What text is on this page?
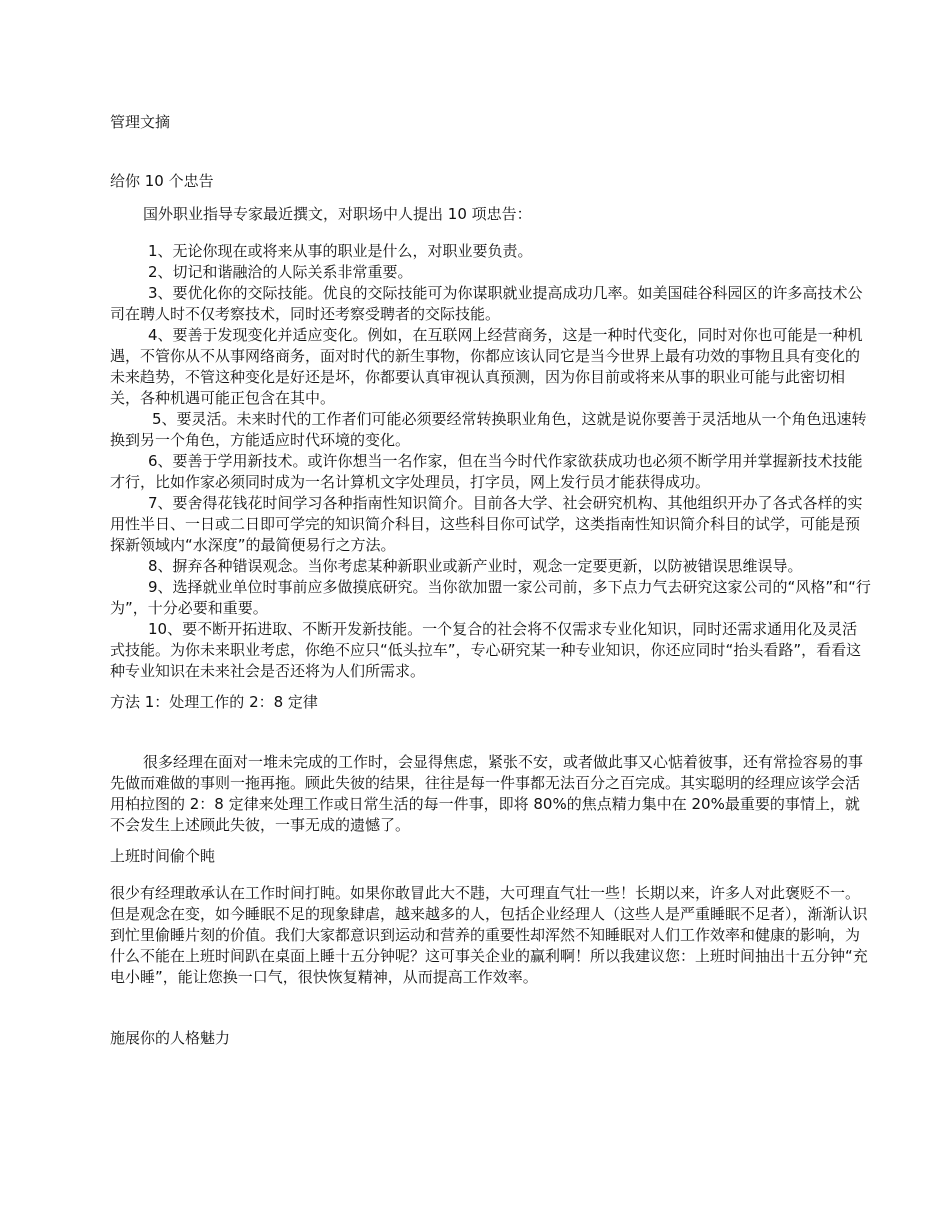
管理文摘

给你 10 个忠告

国外职业指导专家最近撰文，对职场中人提出 10 项忠告：

1、无论你现在或将来从事的职业是什么，对职业要负责。

2、切记和谐融洽的人际关系非常重要。

3、要优化你的交际技能。优良的交际技能可为你谋职就业提高成功几率。如美国硅谷科园区的许多高技术公司在聘人时不仅考察技术，同时还考察受聘者的交际技能。

4、要善于发现变化并适应变化。例如，在互联网上经营商务，这是一种时代变化，同时对你也可能是一种机遇，不管你从不从事网络商务，面对时代的新生事物，你都应该认同它是当今世界上最有功效的事物且具有变化的未来趋势，不管这种变化是好还是坏，你都要认真审视认真预测，因为你目前或将来从事的职业可能与此密切相关，各种机遇可能正包含在其中。

5、要灵活。未来时代的工作者们可能必须要经常转换职业角色，这就是说你要善于灵活地从一个角色迅速转换到另一个角色，方能适应时代环境的变化。

6、要善于学用新技术。或许你想当一名作家，但在当今时代作家欲获成功也必须不断学用并掌握新技术技能才行，比如作家必须同时成为一名计算机文字处理员，打字员，网上发行员才能获得成功。

7、要舍得花钱花时间学习各种指南性知识简介。目前各大学、社会研究机构、其他组织开办了各式各样的实用性半日、一日或二日即可学完的知识简介科目，这些科目你可试学，这类指南性知识简介科目的试学，可能是预探新领域内“水深度”的最简便易行之方法。

8、摒弃各种错误观念。当你考虑某种新职业或新产业时，观念一定要更新，以防被错误思维误导。

9、选择就业单位时事前应多做摸底研究。当你欲加盟一家公司前，多下点力气去研究这家公司的“风格”和“行为”，十分必要和重要。

10、要不断开拓进取、不断开发新技能。一个复合的社会将不仅需求专业化知识，同时还需求通用化及灵活式技能。为你未来职业考虑，你绝不应只“低头拉车”，专心研究某一种专业知识，你还应同时“抬头看路”，看看这种专业知识在未来社会是否还将为人们所需求。

方法 1：处理工作的 2：8 定律

很多经理在面对一堆未完成的工作时，会显得焦虑，紧张不安，或者做此事又心惦着彼事，还有常捡容易的事先做而难做的事则一拖再拖。顾此失彼的结果，往往是每一件事都无法百分之百完成。其实聪明的经理应该学会活用柏拉图的 2：8 定律来处理工作或日常生活的每一件事，即将 80%的焦点精力集中在 20%最重要的事情上，就不会发生上述顾此失彼，一事无成的遗憾了。

上班时间偷个盹

很少有经理敢承认在工作时间打盹。如果你敢冒此大不韪，大可理直气壮一些！长期以来，许多人对此褒贬不一。但是观念在变，如今睡眠不足的现象肆虐，越来越多的人，包括企业经理人（这些人是严重睡眠不足者），渐渐认识到忙里偷睡片刻的价值。我们大家都意识到运动和营养的重要性却浑然不知睡眠对人们工作效率和健康的影响，为什么不能在上班时间趴在桌面上睡十五分钟呢？这可事关企业的赢利啊！所以我建议您：上班时间抽出十五分钟“充电小睡”，能让您换一口气，很快恢复精神，从而提高工作效率。

施展你的人格魅力
